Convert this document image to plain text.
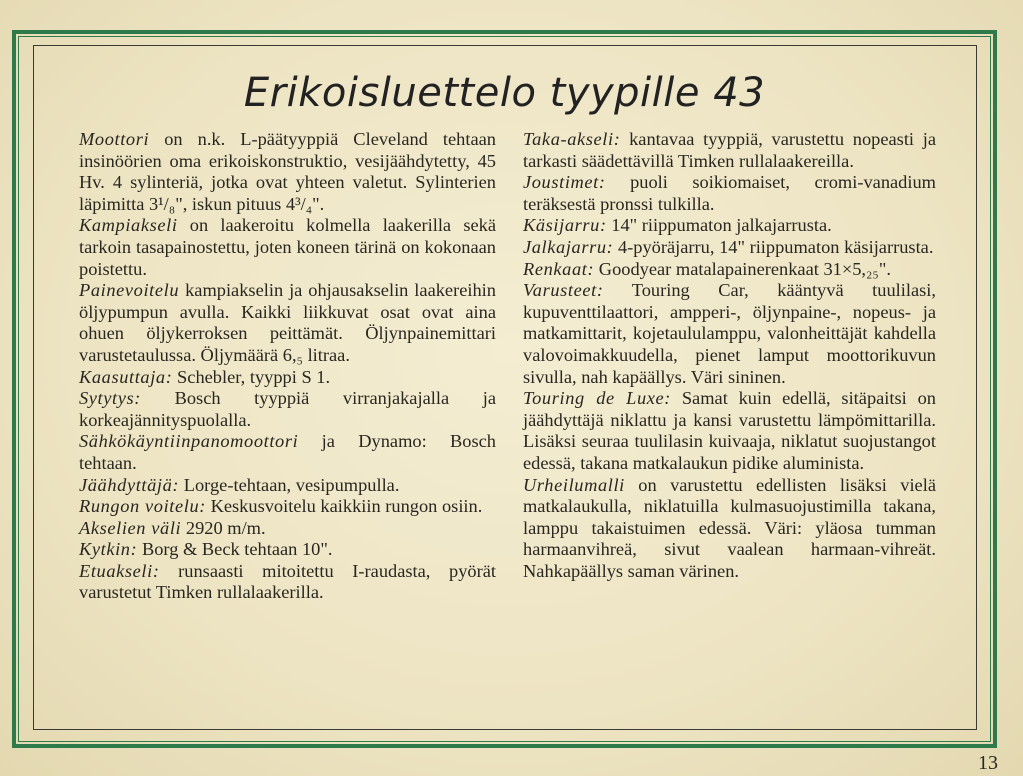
Erikoisluettelo tyypille 43

Moottori on n.k. L-päätyyppiä Cleveland tehtaan insinöörien oma erikoiskonstruktio, vesijäähdytetty, 45 Hv. 4 sylinteriä, jotka ovat yhteen valetut. Sylinterien läpimitta 3¹/₈", iskun pituus 4³/₄".

Kampiakseli on laakeroitu kolmella laakerilla sekä tarkoin tasapainostettu, joten koneen tärinä on kokonaan poistettu.

Painevoitelu kampiakselin ja ohjausakselin laakereihin öljypumpun avulla. Kaikki liikkuvat osat ovat aina ohuen öljykerroksen peittämät. Öljynpainemittari varustetaulussa. Öljymäärä 6,₅ litraa.

Kaasuttaja: Schebler, tyyppi S 1.

Sytytys: Bosch tyyppiä virranjakajalla ja korkeajännityspuolalla.

Sähkökäyntiinpanomoottori ja Dynamo: Bosch tehtaan.

Jäähdyttäjä: Lorge-tehtaan, vesipumpulla.

Rungon voitelu: Keskusvoitelu kaikkiin rungon osiin.

Akselien väli 2920 m/m.

Kytkin: Borg & Beck tehtaan 10".

Etuakseli: runsaasti mitoitettu I-raudasta, pyörät varustetut Timken rullalaakerilla.

Taka-akseli: kantavaa tyyppiä, varustettu nopeasti ja tarkasti säädettävillä Timken rullalaakereilla.

Joustimet: puoli soikiomaiset, cromi-vanadium teräksestä pronssi tulkilla.

Käsijarru: 14" riippumaton jalkajarrusta.

Jalkajarru: 4-pyöräjarru, 14" riippumaton käsijarrusta.

Renkaat: Goodyear matalapainerenkaat 31×5,₂₅".

Varusteet: Touring Car, kääntyvä tuulilasi, kupuventtilaattori, ampperi-, öljynpaine-, nopeus- ja matkamittarit, kojetaululamppu, valonheittäjät kahdella valovoimakkuudella, pienet lamput moottorikuvun sivulla, nah kapäällys. Väri sininen.

Touring de Luxe: Samat kuin edellä, sitäpaitsi on jäähdyttäjä niklattu ja kansi varustettu lämpömittarilla. Lisäksi seuraa tuulilasin kuivaaja, niklatut suojustangot edessä, takana matkalaukun pidike aluminista.

Urheilumalli on varustettu edellisten lisäksi vielä matkalaukulla, niklatuilla kulmasuojustimilla takana, lamppu takaistuimen edessä. Väri: yläosa tumman harmaanvihreä, sivut vaalean harmaan-vihreät. Nahkapäällys saman värinen.

13
